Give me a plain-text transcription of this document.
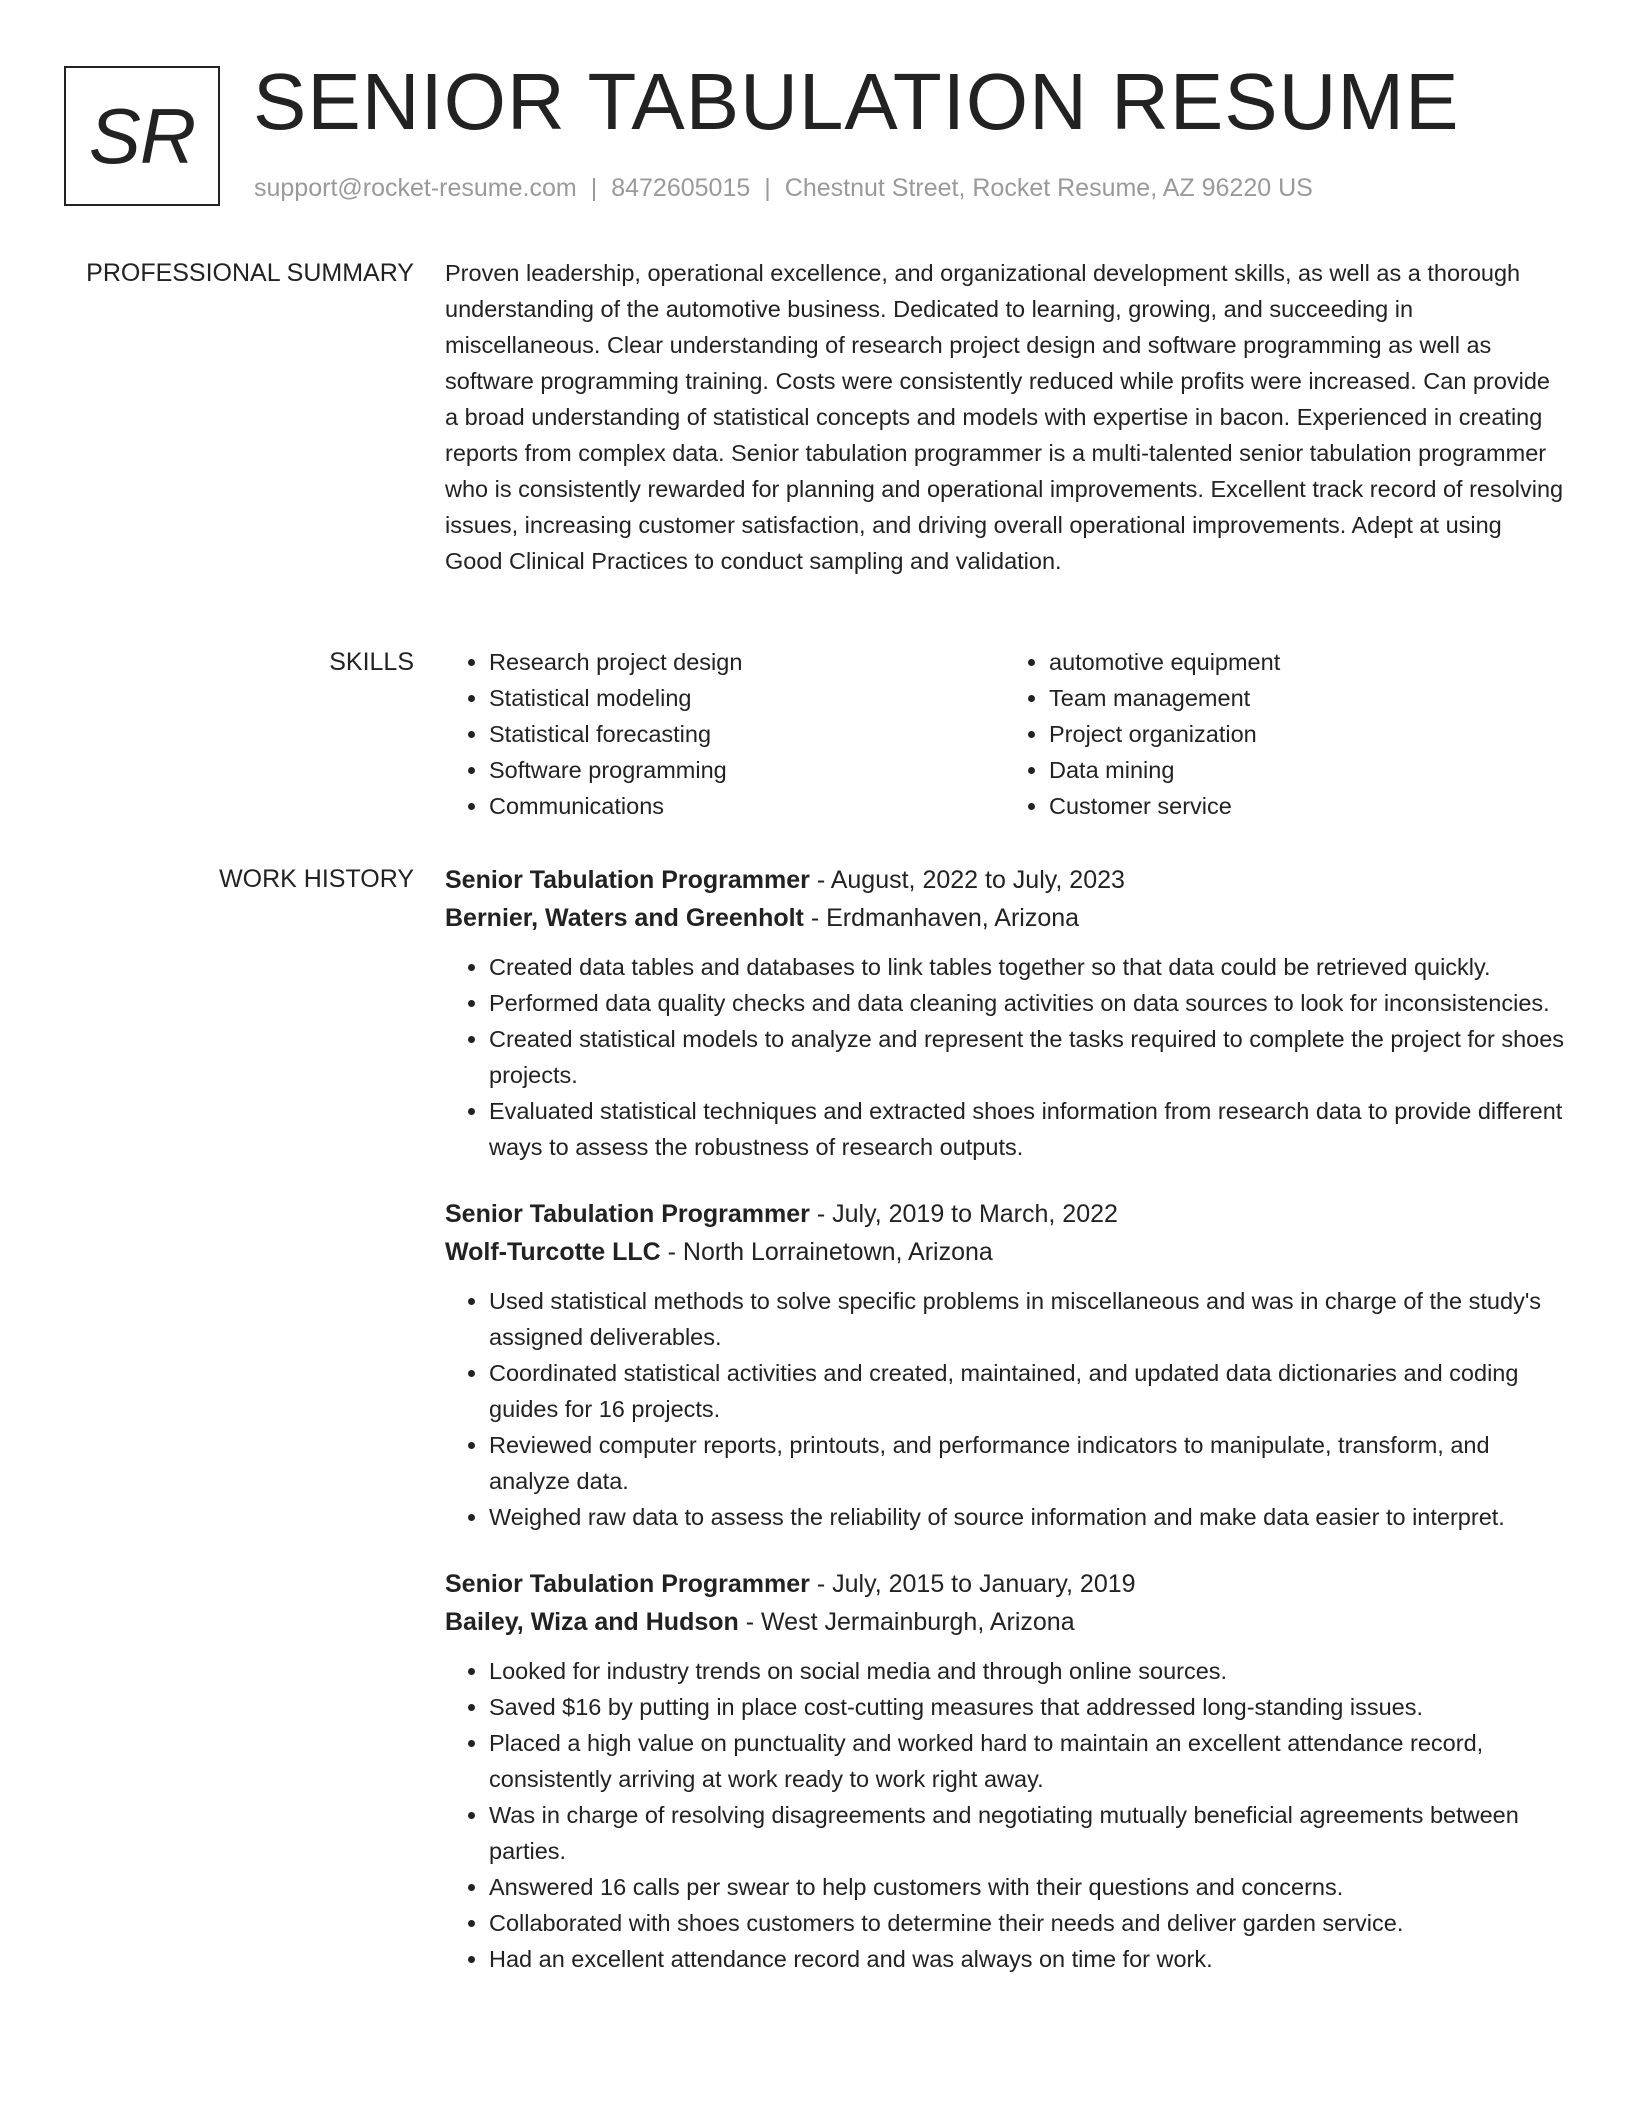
SR SENIOR TABULATION RESUME
support@rocket-resume.com | 8472605015 | Chestnut Street, Rocket Resume, AZ 96220 US
PROFESSIONAL SUMMARY Proven leadership, operational excellence, and organizational development skills, as well as a thorough understanding of the automotive business. Dedicated to learning, growing, and succeeding in miscellaneous. Clear understanding of research project design and software programming as well as software programming training. Costs were consistently reduced while profits were increased. Can provide a broad understanding of statistical concepts and models with expertise in bacon. Experienced in creating reports from complex data. Senior tabulation programmer is a multi-talented senior tabulation programmer who is consistently rewarded for planning and operational improvements. Excellent track record of resolving issues, increasing customer satisfaction, and driving overall operational improvements. Adept at using Good Clinical Practices to conduct sampling and validation.

SKILLS
•	Research project design
• Statistical modeling
• Statistical forecasting
• Software programming
• Communications
• automotive equipment
• Team management
• Project organization
• Data mining
• Customer service
WORK HISTORY Senior Tabulation Programmer - August, 2022 to July, 2023
Bernier, Waters and Greenholt - Erdmanhaven, Arizona
• Created data tables and databases to link tables together so that data could be retrieved quickly.
• Performed data quality checks and data cleaning activities on data sources to look for inconsistencies.
• Created statistical models to analyze and represent the tasks required to complete the project for shoes projects.
• Evaluated statistical techniques and extracted shoes information from research data to provide different ways to assess the robustness of research outputs.
Senior Tabulation Programmer - July, 2019 to March, 2022
Wolf-Turcotte LLC - North Lorrainetown, Arizona
• Used statistical methods to solve specific problems in miscellaneous and was in charge of the study's assigned deliverables.
• Coordinated statistical activities and created, maintained, and updated data dictionaries and coding guides for 16 projects.
• Reviewed computer reports, printouts, and performance indicators to manipulate, transform, and analyze data.
• Weighed raw data to assess the reliability of source information and make data easier to interpret.
Senior Tabulation Programmer - July, 2015 to January, 2019
Bailey, Wiza and Hudson - West Jermainburgh, Arizona
• Looked for industry trends on social media and through online sources.
• Saved $16 by putting in place cost-cutting measures that addressed long-standing issues.
• Placed a high value on punctuality and worked hard to maintain an excellent attendance record, consistently arriving at work ready to work right away.
• Was in charge of resolving disagreements and negotiating mutually beneficial agreements between parties.
• Answered 16 calls per swear to help customers with their questions and concerns.
• Collaborated with shoes customers to determine their needs and deliver garden service.
• Had an excellent attendance record and was always on time for work.
